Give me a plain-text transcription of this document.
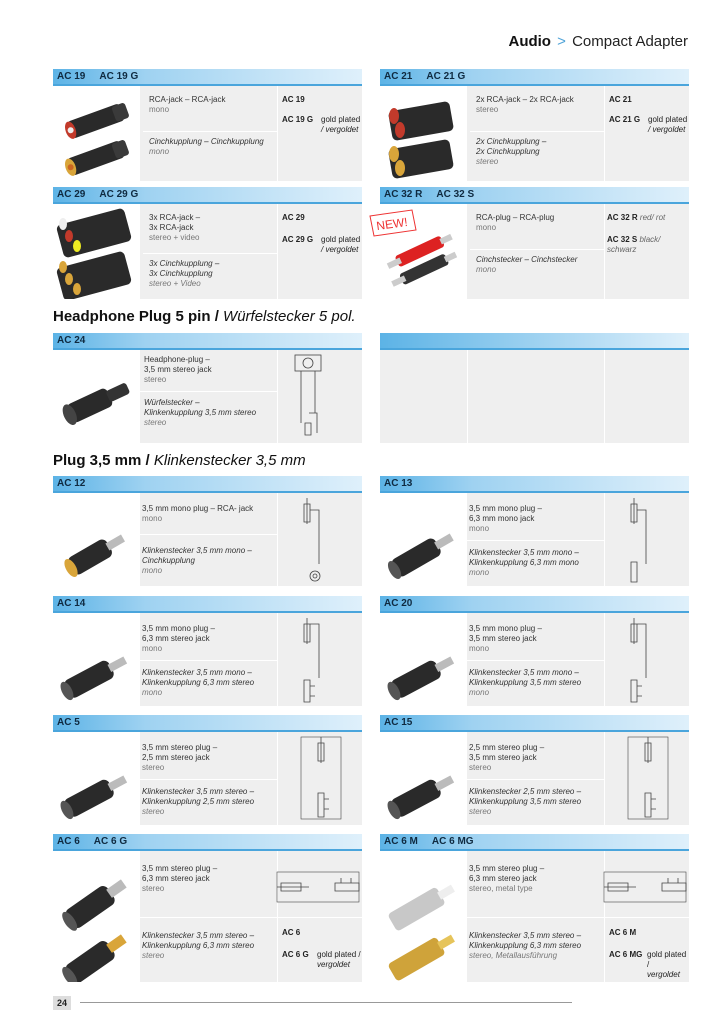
Audio > Compact Adapter
AC 19 AC 19 G
RCA-jack – RCA-jack
mono
Cinchkupplung – Cinchkupplung
mono
AC 19
AC 19 G gold plated
/ vergoldet
AC 21 AC 21 G
2x RCA-jack – 2x RCA-jack
stereo
2x Cinchkupplung –
2x Cinchkupplung
stereo
AC 21
AC 21 G gold plated
/ vergoldet
AC 29 AC 29 G
3x RCA-jack –
3x RCA-jack
stereo + video
3x Cinchkupplung –
3x Cinchkupplung
stereo + Video
AC 29
AC 29 G gold plated
/ vergoldet
AC 32 R AC 32 S
RCA-plug – RCA-plug
mono
Cinchstecker – Cinchstecker
mono
AC 32 R red/ rot
AC 32 S black/ schwarz
NEW!
Headphone Plug 5 pin / Würfelstecker 5 pol.
AC 24
Headphone-plug –
3,5 mm stereo jack
stereo
Würfelstecker –
Klinkenkupplung 3,5 mm stereo
stereo
Plug 3,5 mm / Klinkenstecker 3,5 mm
AC 12
3,5 mm mono plug – RCA- jack
mono
Klinkenstecker 3,5 mm mono –
Cinchkupplung
mono
AC 13
3,5 mm mono plug –
6,3 mm mono jack
mono
Klinkenstecker 3,5 mm mono –
Klinkenkupplung 6,3 mm mono
mono
AC 14
3,5 mm mono plug –
6,3 mm stereo jack
mono
Klinkenstecker 3,5 mm mono –
Klinkenkupplung 6,3 mm stereo
mono
AC 20
3,5 mm mono plug –
3,5 mm stereo jack
mono
Klinkenstecker 3,5 mm mono –
Klinkenkupplung 3,5 mm stereo
mono
AC 5
3,5 mm stereo plug –
2,5 mm stereo jack
stereo
Klinkenstecker 3,5 mm stereo –
Klinkenkupplung 2,5 mm stereo
stereo
AC 15
2,5 mm stereo plug –
3,5 mm stereo jack
stereo
Klinkenstecker 2,5 mm stereo –
Klinkenkupplung 3,5 mm stereo
stereo
AC 6 AC 6 G
3,5 mm stereo plug –
6,3 mm stereo jack
stereo
Klinkenstecker 3,5 mm stereo –
Klinkenkupplung 6,3 mm stereo
stereo
AC 6
AC 6 G gold plated /
vergoldet
AC 6 M AC 6 MG
3,5 mm stereo plug –
6,3 mm stereo jack
stereo, metal type
Klinkenstecker 3,5 mm stereo –
Klinkenkupplung 6,3 mm stereo
stereo, Metallausführung
AC 6 M
AC 6 MG gold plated /
vergoldet
24
